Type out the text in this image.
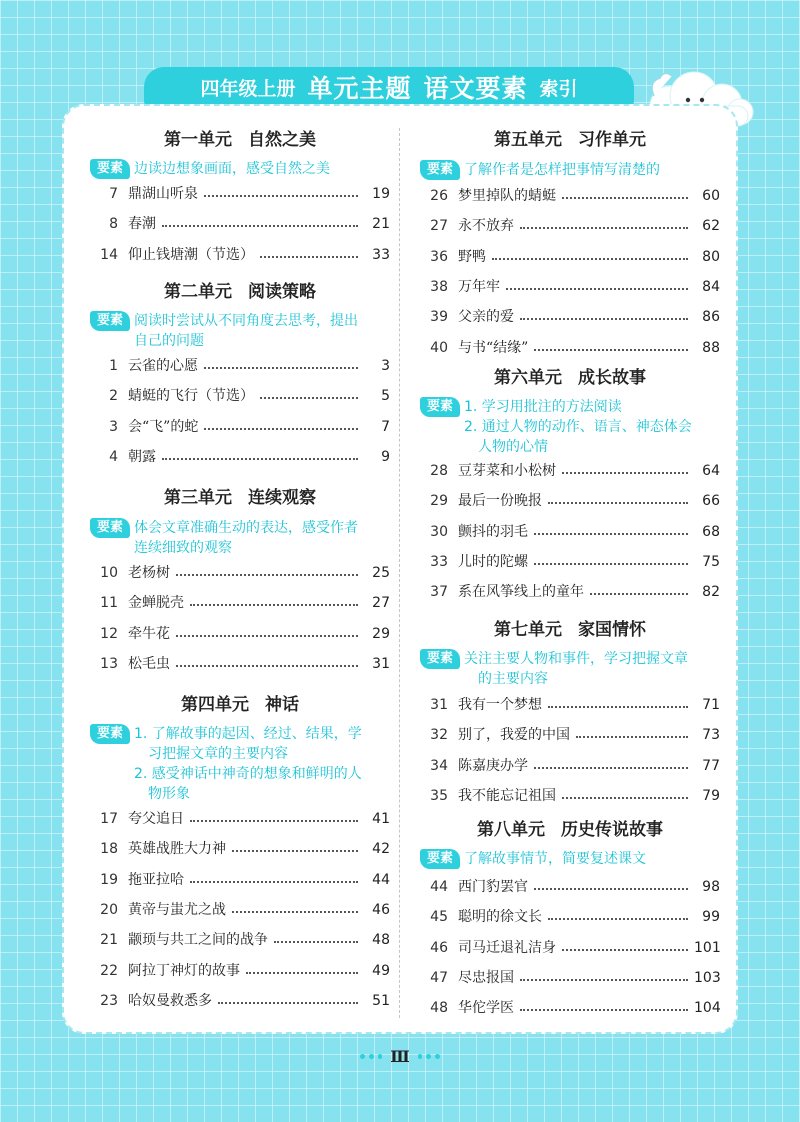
四年级上册 单元主题 语文要素 索引
第一单元 自然之美
要素 边读边想象画面，感受自然之美
7 鼎湖山听泉	19
8 春潮	21
14 仰止钱塘潮（节选）	33
第二单元 阅读策略
要素 阅读时尝试从不同角度去思考，提出
自己的问题
1 云雀的心愿	3
2 蜻蜓的飞行（节选）	5
3 会“飞”的蛇	7
4 朝露	9
第三单元 连续观察
要素 体会文章准确生动的表达，感受作者
连续细致的观察
10 老杨树	25
11 金蝉脱壳	27
12 牵牛花	29
13 松毛虫	31
第四单元 神话
要素 1. 了解故事的起因、经过、结果，学
习把握文章的主要内容
2. 感受神话中神奇的想象和鲜明的人
物形象
17 夸父追日	41
18 英雄战胜大力神	42
19 拖亚拉哈	44
20 黄帝与蚩尤之战	46
21 颛顼与共工之间的战争	48
22 阿拉丁神灯的故事	49
23 哈奴曼救悉多	51
第五单元 习作单元
要素 了解作者是怎样把事情写清楚的
26 梦里掉队的蜻蜓	60
27 永不放弃	62
36 野鸭	80
38 万年牢	84
39 父亲的爱	86
40 与书“结缘”	88
第六单元 成长故事
要素 1. 学习用批注的方法阅读
2. 通过人物的动作、语言、神态体会
人物的心情
28 豆芽菜和小松树	64
29 最后一份晚报	66
30 颤抖的羽毛	68
33 儿时的陀螺	75
37 系在风筝线上的童年	82
第七单元 家国情怀
要素 关注主要人物和事件，学习把握文章
的主要内容
31 我有一个梦想	71
32 别了，我爱的中国	73
34 陈嘉庚办学	77
35 我不能忘记祖国	79
第八单元 历史传说故事
要素 了解故事情节，简要复述课文
44 西门豹罢官	98
45 聪明的徐文长	99
46 司马迁退礼洁身	101
47 尽忠报国	103
48 华佗学医	104
Ⅲ
